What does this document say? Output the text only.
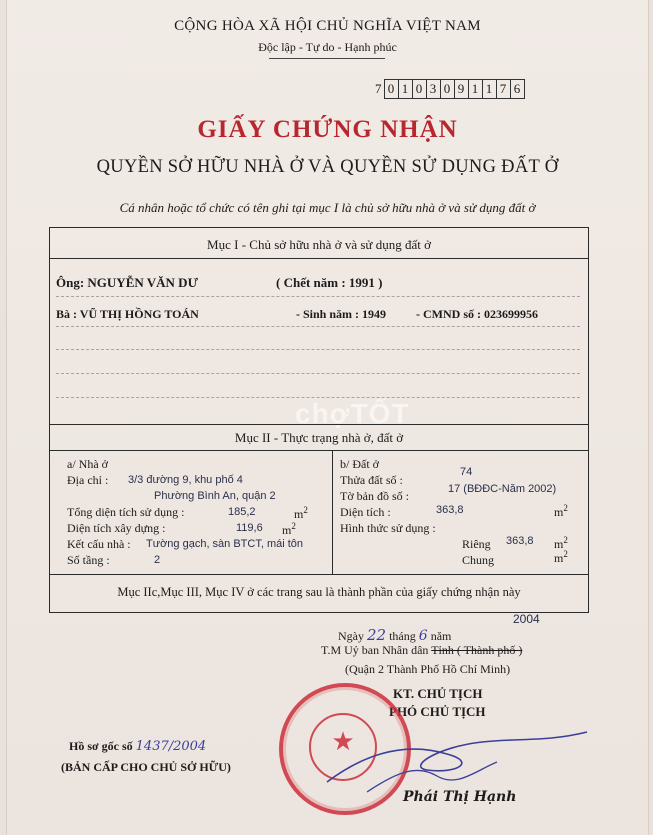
CỘNG HÒA XÃ HỘI CHỦ NGHĨA VIỆT NAM
Độc lập - Tự do - Hạnh phúc
7 0 1 0 3 0 9 1 1 7 6
GIẤY CHỨNG NHẬN
QUYỀN SỞ HỮU NHÀ Ở VÀ QUYỀN SỬ DỤNG ĐẤT Ở
Cá nhân hoặc tổ chức có tên ghi tại mục I là chủ sở hữu nhà ở và sử dụng đất ở
chợTỐT
Mục I - Chủ sở hữu nhà ở và sử dụng đất ở
Ông: NGUYỄN VĂN DƯ	( Chết năm : 1991 )
Bà : VŨ THỊ HỒNG TOÁN	- Sinh năm : 1949 - CMND số : 023699956
Mục II - Thực trạng nhà ở, đất ở
a/ Nhà ở
Địa chỉ : 3/3 đường 9, khu phố 4
Phường Bình An, quận 2
Tổng diện tích sử dụng :	185,2	$m^2$
Diện tích xây dựng :	119,6 $m^2$
Kết cấu nhà : Tường gạch, sàn BTCT, mái tôn
Số tầng :	2
b/ Đất ở
Thửa đất số :
74
Tờ bản đồ số :	17 (BĐĐC-Năm 2002)
Diện tích :	363,8	$m^2$
Hình thức sử dụng :
Riêng 363,8 $m^2$
Chung	$m^2$
Mục IIc,Mục III, Mục IV ở các trang sau là thành phần của giấy chứng nhận này
Ngày 22 tháng 6 năm
2004
T.M Uỷ ban Nhân dân Tỉnh ( Thành phố )
(Quận 2 Thành Phố Hồ Chí Minh)
KT. CHỦ TỊCH
PHÓ CHỦ TỊCH
★
Phái Thị Hạnh
Hồ sơ gốc số 1437/2004
(BẢN CẤP CHO CHỦ SỞ HỮU)
